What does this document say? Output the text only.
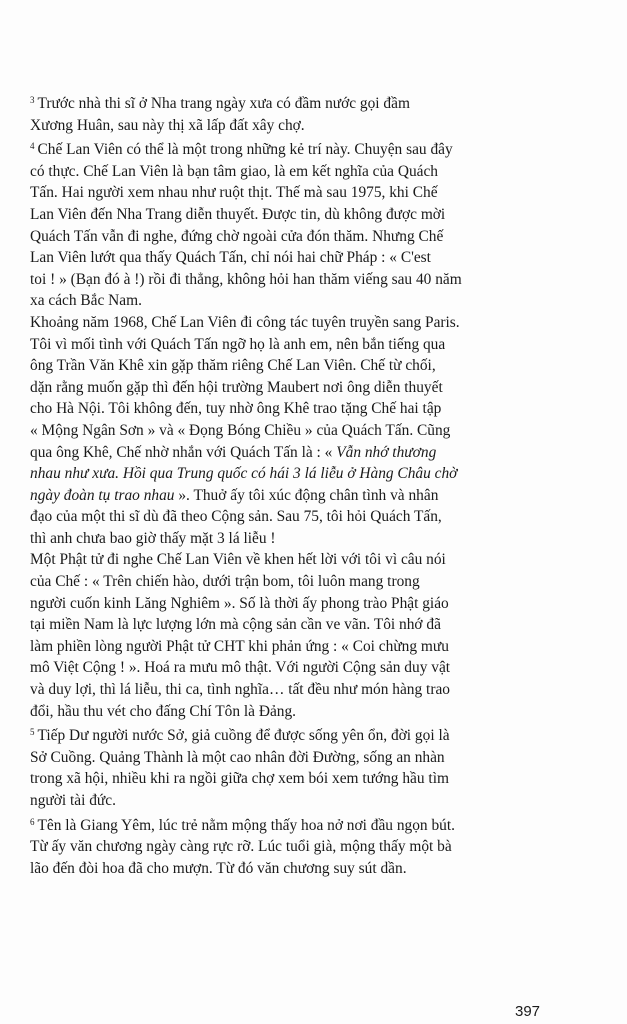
$^3$ Trước nhà thi sĩ ở Nha trang ngày xưa có đầm nước gọi đầm
Xương Huân, sau này thị xã lấp đất xây chợ.
$^4$ Chế Lan Viên có thể là một trong những kẻ trí này. Chuyện sau đây
có thực. Chế Lan Viên là bạn tâm giao, là em kết nghĩa của Quách
Tấn. Hai người xem nhau như ruột thịt. Thế mà sau 1975, khi Chế
Lan Viên đến Nha Trang diễn thuyết. Được tin, dù không được mời
Quách Tấn vẫn đi nghe, đứng chờ ngoài cửa đón thăm. Nhưng Chế
Lan Viên lướt qua thấy Quách Tấn, chỉ nói hai chữ Pháp : « C'est
toi ! » (Bạn đó à !) rồi đi thẳng, không hỏi han thăm viếng sau 40 năm
xa cách Bắc Nam.
Khoảng năm 1968, Chế Lan Viên đi công tác tuyên truyền sang Paris.
Tôi vì mối tình với Quách Tấn ngỡ họ là anh em, nên bắn tiếng qua
ông Trần Văn Khê xin gặp thăm riêng Chế Lan Viên. Chế từ chối,
dặn rằng muốn gặp thì đến hội trường Maubert nơi ông diễn thuyết
cho Hà Nội. Tôi không đến, tuy nhờ ông Khê trao tặng Chế hai tập
« Mộng Ngân Sơn » và « Đọng Bóng Chiều » của Quách Tấn. Cũng
qua ông Khê, Chế nhờ nhắn với Quách Tấn là : « Vẫn nhớ thương
nhau như xưa. Hồi qua Trung quốc có hái 3 lá liễu ở Hàng Châu chờ
ngày đoàn tụ trao nhau ». Thuở ấy tôi xúc động chân tình và nhân
đạo của một thi sĩ dù đã theo Cộng sản. Sau 75, tôi hỏi Quách Tấn,
thì anh chưa bao giờ thấy mặt 3 lá liễu !
Một Phật tử đi nghe Chế Lan Viên về khen hết lời với tôi vì câu nói
của Chế : « Trên chiến hào, dưới trận bom, tôi luôn mang trong
người cuốn kinh Lăng Nghiêm ». Số là thời ấy phong trào Phật giáo
tại miền Nam là lực lượng lớn mà cộng sản cần ve vãn. Tôi nhớ đã
làm phiền lòng người Phật tử CHT khi phản ứng : « Coi chừng mưu
mô Việt Cộng ! ». Hoá ra mưu mô thật. Với người Cộng sản duy vật
và duy lợi, thì lá liễu, thi ca, tình nghĩa… tất đều như món hàng trao
đổi, hầu thu vét cho đấng Chí Tôn là Đảng.
$^5$ Tiếp Dư người nước Sở, giả cuồng để được sống yên ổn, đời gọi là
Sở Cuồng. Quảng Thành là một cao nhân đời Đường, sống an nhàn
trong xã hội, nhiều khi ra ngồi giữa chợ xem bói xem tướng hầu tìm
người tài đức.
$^6$ Tên là Giang Yêm, lúc trẻ nằm mộng thấy hoa nở nơi đầu ngọn bút.
Từ ấy văn chương ngày càng rực rỡ. Lúc tuổi già, mộng thấy một bà
lão đến đòi hoa đã cho mượn. Từ đó văn chương suy sút dần.
397
